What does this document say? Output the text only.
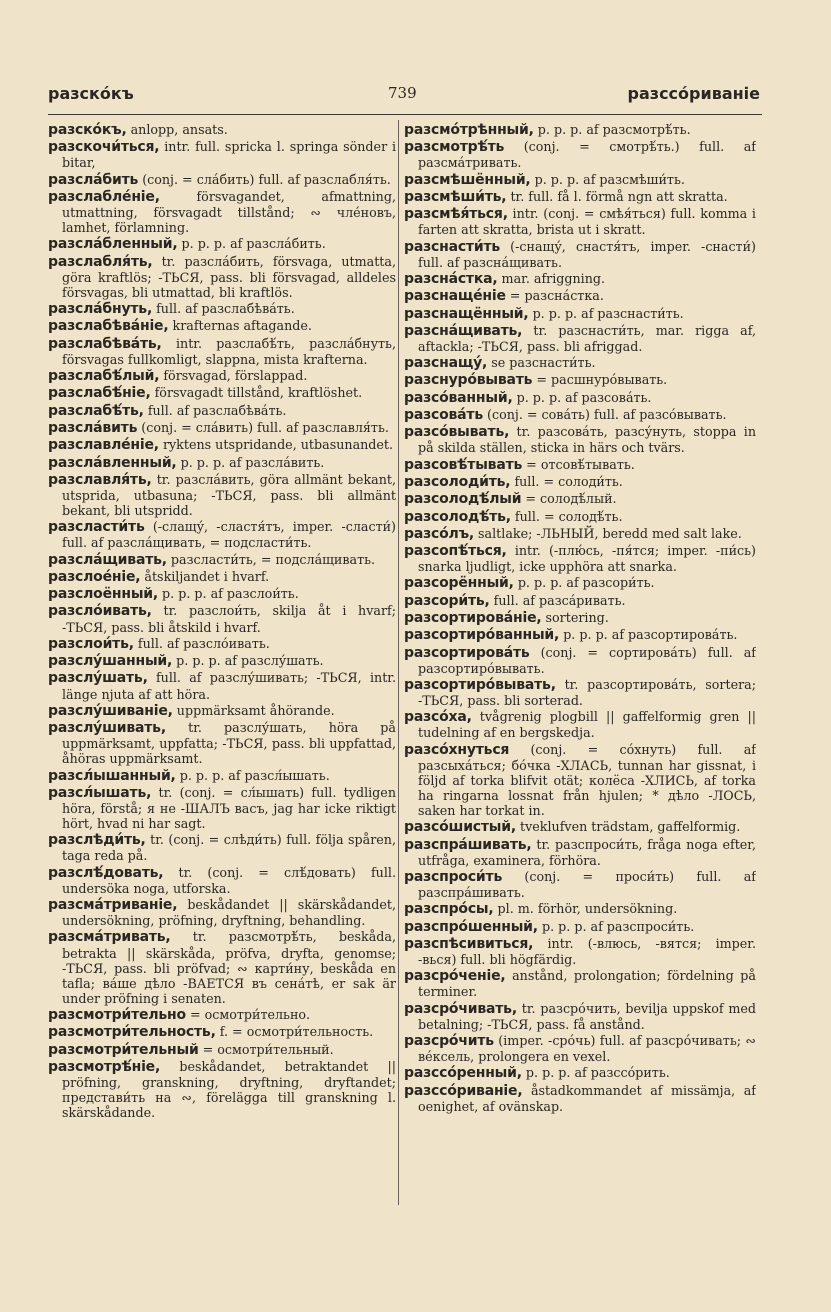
разскóкъ	739	разссóриваніе

разскóкъ, anlopp, ansats.

разскочи́ться, intr. full. spricka l. springa sönder i bitar,

разслáбить (conj. = слáбить) full. af разслабля́ть.

разслабле́ніе, försvagandet, afmattning, utmattning, försvagadt tillstånd; ∾ чле́новъ, lamhet, förlamning.

разслáбленный, p. p. p. af разслáбить.

разслабля́ть, tr. разслáбить, försvaga, utmatta, göra kraftlös; -ТЬСЯ, pass. bli försvagad, alldeles försvagas, bli utmattad, bli kraftlös.

разслáбнуть, full. af разслабѣвáть.

разслабѣвáніе, krafternas aftagande.

разслабѣвáть, intr. разслабѣ́ть, разслáбнуть, försvagas fullkomligt, slappna, mista krafterna.

разслабѣ́лый, försvagad, förslappad.

разслабѣ́ніе, försvagadt tillstånd, kraftlöshet.

разслабѣ́ть, full. af разслабѣвáть.

разслáвить (conj. = слáвить) full. af разславля́ть.

разславле́ніе, ryktens utspridande, utbasunandet.

разслáвленный, p. p. p. af разслáвить.

разславля́ть, tr. разслáвить, göra allmänt bekant, utsprida, utbasuna; -ТЬСЯ, pass. bli allmänt bekant, bli utspridd.

разсласти́ть (-слащу́, -сластя́тъ, imper. -сласти́) full. af разслáщивать, = подсласти́ть.

разслáщивать, разсласти́ть, = подслáщивать.

разслое́ніе, åtskiljandet i hvarf.

разслоённый, p. p. p. af разслои́ть.

разслóивать, tr. разслои́ть, skilja åt i hvarf; -ТЬСЯ, pass. bli åtskild i hvarf.

разслои́ть, full. af разслóивать.

разслу́шанный, p. p. p. af разслу́шать.

разслу́шать, full. af разслу́шивать; -ТЬСЯ, intr. länge njuta af att höra.

разслу́шиваніе, uppmärksamt åhörande.

разслу́шивать, tr. разслу́шать, höra på uppmärksamt, uppfatta; -ТЬСЯ, pass. bli uppfattad, åhöras uppmärksamt.

разсл́ышанный, p. p. p. af разсл́ышать.

разсл́ышать, tr. (conj. = сл́ышать) full. tydligen höra, förstå; я не -ШАЛЪ васъ, jag har icke riktigt hört, hvad ni har sagt.

разслѣди́ть, tr. (conj. = слѣди́ть) full. följa spåren, taga reda på.

разслѣ́довать, tr. (conj. = слѣ́довать) full. undersöka noga, utforska.

разсмáтриваніе, beskådandet || skärskådandet, undersökning, pröfning, dryftning, behandling.

разсмáтривать, tr. разсмотрѣ́ть, beskåda, betrakta || skärskåda, pröfva, dryfta, genomse; -ТЬСЯ, pass. bli pröfvad; ∾ карти́ну, beskåda en tafla; вáше дѣло -ВАЕТСЯ въ сенáтѣ, er sak är under pröfning i senaten.

разсмотри́тельно = осмотри́тельно.

разсмотри́тельность, f. = осмотри́тельность.

разсмотри́тельный = осмотри́тельный.

разсмотрѣ́ніе, beskådandet, betraktandet || pröfning, granskning, dryftning, dryftandet; представи́ть на ∾, förelägga till granskning l. skärskådande.

разсмóтрѣнный, p. p. p. af разсмотрѣ́ть.

разсмотрѣ́ть (conj. = смотрѣ́ть.) full. af разсмáтривать.

разсмѣшённый, p. p. p. af разсмѣши́ть.

разсмѣши́ть, tr. full. få l. förmå ngn att skratta.

разсмѣя́ться, intr. (conj. = смѣя́ться) full. komma i farten att skratta, brista ut i skratt.

разснасти́ть (-снащу́, снастя́тъ, imper. -снасти́) full. af разснáщивать.

разснáстка, mar. afriggning.

разснаще́ніе = разснáстка.

разснащённый, p. p. p. af разснасти́ть.

разснáщивать, tr. разснасти́ть, mar. rigga af, aftackla; -ТЬСЯ, pass. bli afriggad.

разснащу́, se разснасти́ть.

разснурóвывать = расшнурóвывать.

разсóванный, p. p. p. af разсовáть.

разсовáть (conj. = совáть) full. af разсóвывать.

разсóвывать, tr. разсовáть, разсу́нуть, stoppa in på skilda ställen, sticka in härs och tvärs.

разсовѣ́тывать = отсовѣ́тывать.

разсолоди́ть, full. = солоди́ть.

разсолодѣ́лый = солодѣ́лый.

разсолодѣ́ть, full. = солодѣ́ть.

разсóлъ, saltlake; -ЛЬНЫЙ, beredd med salt lake.

разсопѣ́ться, intr. (-плю́сь, -пя́тся; imper. -пи́сь) snarka ljudligt, icke upphöra att snarka.

разсорённый, p. p. p. af разсори́ть.

разсори́ть, full. af разсáривать.

разсортировáніе, sortering.

разсортирóванный, p. p. p. af разсортировáть.

разсортировáть (conj. = сортировáть) full. af разсортирóвывать.

разсортирóвывать, tr. разсортировáть, sortera; -ТЬСЯ, pass. bli sorterad.

разсóха, tvågrenig plogbill || gaffelformig gren || tudelning af en bergskedja.

разсóхнуться (conj. = сóхнуть) full. af разсыхáться; бóчка -ХЛАСЬ, tunnan har gissnat, i följd af torka blifvit otät; колёса -ХЛИСЬ, af torka ha ringarna lossnat från hjulen; * дѣло -ЛОСЬ, saken har torkat in.

разсóшистый, tveklufven trädstam, gaffelformig.

разспрáшивать, tr. разспроси́ть, fråga noga efter, utfråga, examinera, förhöra.

разспроси́ть (conj. = проси́ть) full. af разспрáшивать.

разспрóсы, pl. m. förhör, undersökning.

разспрóшенный, p. p. p. af разспроси́ть.

разспѣсивиться, intr. (-влюсь, -вятся; imper. -вься) full. bli högfärdig.

разсрóченіе, anstånd, prolongation; fördelning på terminer.

разсрóчивать, tr. разсрóчить, bevilja uppskof med betalning; -ТЬСЯ, pass. få anstånd.

разсрóчить (imper. -срóчь) full. af разсрóчивать; ∾ вéксель, prolongera en vexel.

разссóренный, p. p. p. af разссóрить.

разссóриваніе, åstadkommandet af missämja, af oenighet, af ovänskap.
